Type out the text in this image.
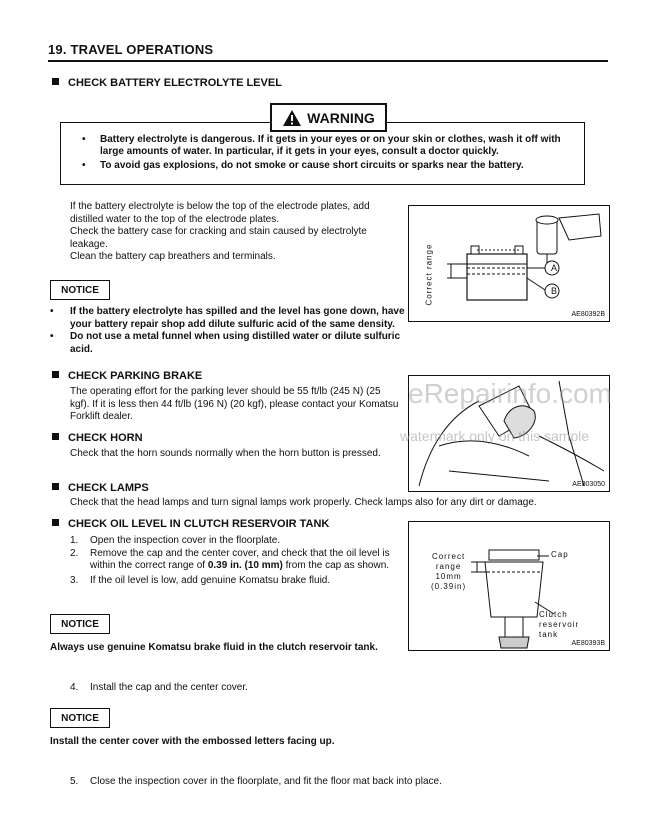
19. TRAVEL OPERATIONS
CHECK BATTERY ELECTROLYTE LEVEL
WARNING
• Battery electrolyte is dangerous. If it gets in your eyes or on your skin or clothes, wash it off with large amounts of water. In particular, if it gets in your eyes, consult a doctor quickly.
• To avoid gas explosions, do not smoke or cause short circuits or sparks near the battery.
If the battery electrolyte is below the top of the electrode plates, add distilled water to the top of the electrode plates.
Check the battery case for cracking and stain caused by electrolyte leakage.
Clean the battery cap breathers and terminals.
A
B
Correct range
AE80392B
NOTICE
• If the battery electrolyte has spilled and the level has gone down, have your battery repair shop add dilute sulfuric acid of the same density.
• Do not use a metal funnel when using distilled water or dilute sulfuric acid.
CHECK PARKING BRAKE
The operating effort for the parking lever should be 55 ft/lb (245 N) (25 kgf). If it is less then 44 ft/lb (196 N) (20 kgf), please contact your Komatsu Forklift dealer.
AE803050
CHECK HORN
Check that the horn sounds normally when the horn button is pressed.
CHECK LAMPS
Check that the head lamps and turn signal lamps work properly. Check lamps also for any dirt or damage.
CHECK OIL LEVEL IN CLUTCH RESERVOIR TANK
1. Open the inspection cover in the floorplate.
2. Remove the cap and the center cover, and check that the oil level is within the correct range of 0.39 in. (10 mm) from the cap as shown.
3. If the oil level is low, add genuine Komatsu brake fluid.
Correct
range
10mm
(0.39in)
Cap
Clutch
reservoir
tank
AE80393B
NOTICE
Always use genuine Komatsu brake fluid in the clutch reservoir tank.
4. Install the cap and the center cover.
NOTICE
Install the center cover with the embossed letters facing up.
5. Close the inspection cover in the floorplate, and fit the floor mat back into place.
eRepairinfo.com
watermark only on this sample
